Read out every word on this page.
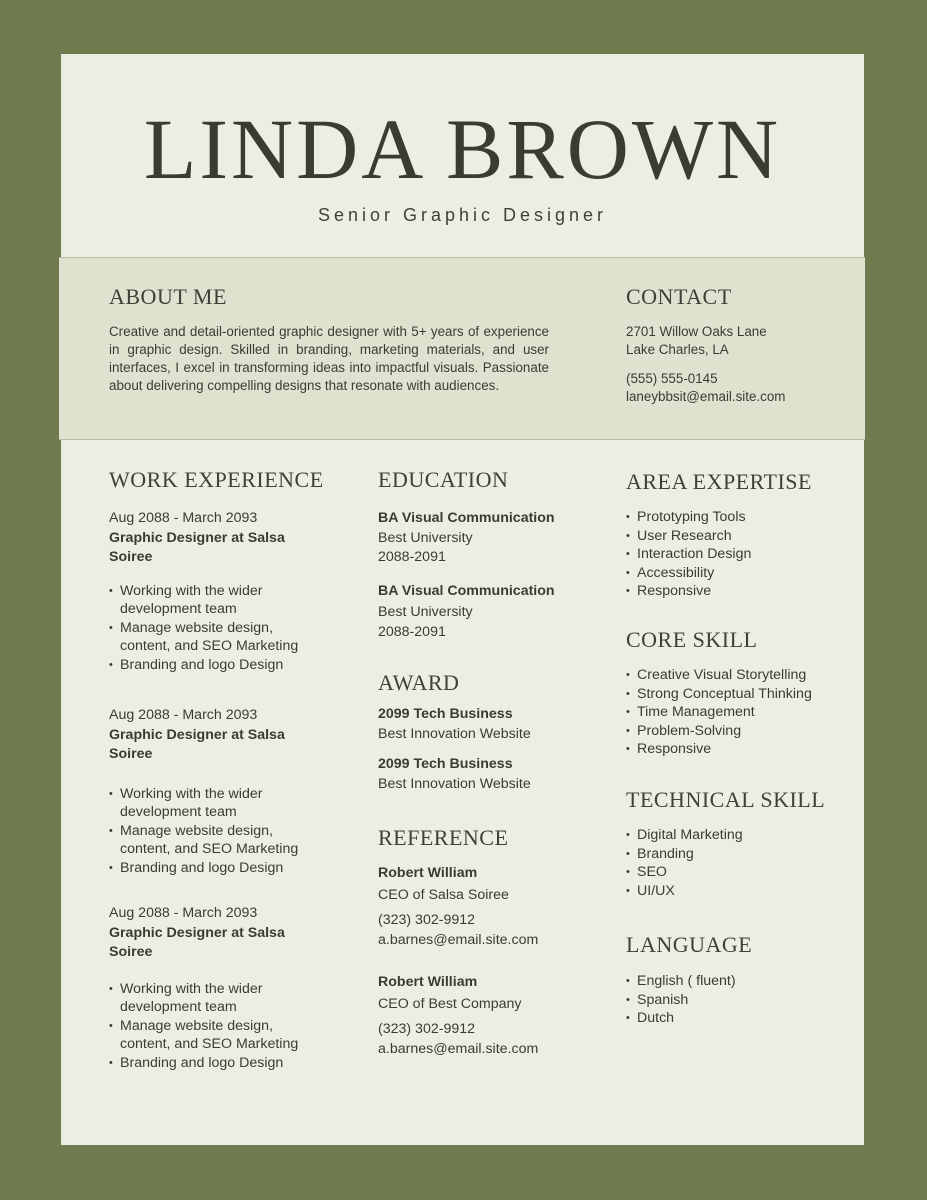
LINDA BROWN
Senior Graphic Designer
ABOUT ME

Creative and detail-oriented graphic designer with 5+ years of experience in graphic design. Skilled in branding, marketing materials, and user interfaces, I excel in transforming ideas into impactful visuals. Passionate about delivering compelling designs that resonate with audiences.

CONTACT
2701 Willow Oaks Lane
Lake Charles, LA
(555) 555-0145
laneybbsit@email.site.com
WORK EXPERIENCE
Aug 2088 - March 2093
Graphic Designer at Salsa Soiree
• Working with the wider development team
• Manage website design, content, and SEO Marketing
• Branding and logo Design
Aug 2088 - March 2093
Graphic Designer at Salsa Soiree
• Working with the wider development team
• Manage website design, content, and SEO Marketing
• Branding and logo Design
Aug 2088 - March 2093
Graphic Designer at Salsa Soiree
• Working with the wider development team
• Manage website design, content, and SEO Marketing
• Branding and logo Design
EDUCATION
BA Visual Communication
Best University
2088-2091
BA Visual Communication
Best University
2088-2091
AWARD
2099 Tech Business
Best Innovation Website
2099 Tech Business
Best Innovation Website
REFERENCE
Robert William
CEO of Salsa Soiree
(323) 302-9912
a.barnes@email.site.com
Robert William
CEO of Best Company
(323) 302-9912
a.barnes@email.site.com
AREA EXPERTISE
• Prototyping Tools
• User Research
• Interaction Design
• Accessibility
• Responsive
CORE SKILL
• Creative Visual Storytelling
• Strong Conceptual Thinking
• Time Management
• Problem-Solving
• Responsive
TECHNICAL SKILL
• Digital Marketing
• Branding
• SEO
• UI/UX
LANGUAGE
• English ( fluent)
• Spanish
• Dutch
